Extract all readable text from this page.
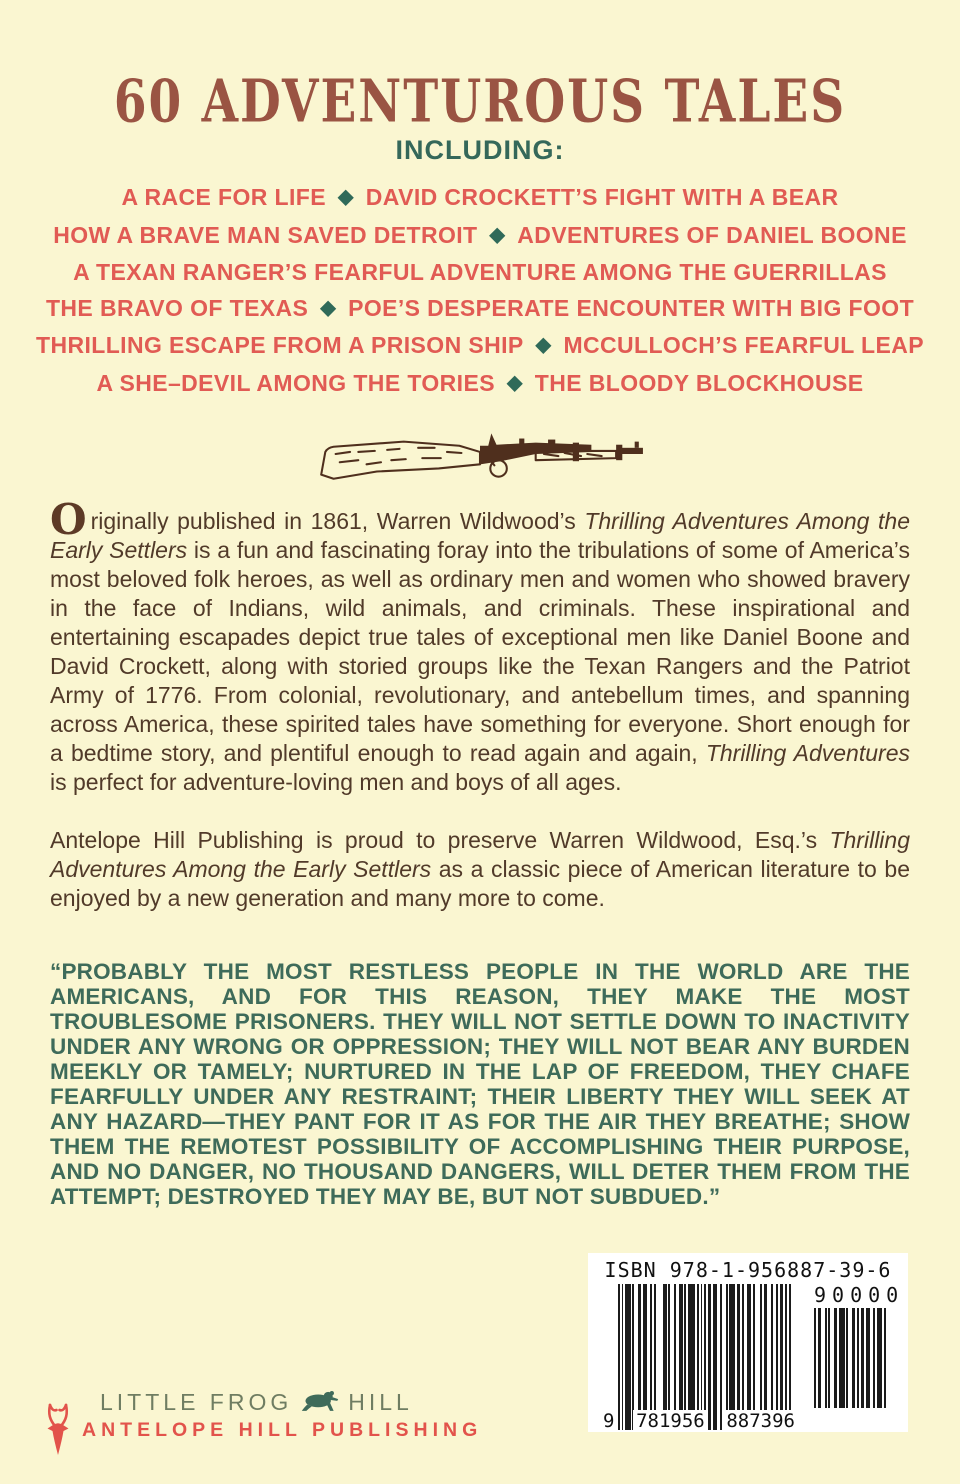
60 ADVENTUROUS TALES
INCLUDING:
A RACE FOR LIFE ◆ DAVID CROCKETT’S FIGHT WITH A BEAR
HOW A BRAVE MAN SAVED DETROIT ◆ ADVENTURES OF DANIEL BOONE
A TEXAN RANGER’S FEARFUL ADVENTURE AMONG THE GUERRILLAS
THE BRAVO OF TEXAS ◆ POE’S DESPERATE ENCOUNTER WITH BIG FOOT
THRILLING ESCAPE FROM A PRISON SHIP ◆ MCCULLOCH’S FEARFUL LEAP
A SHE–DEVIL AMONG THE TORIES ◆ THE BLOODY BLOCKHOUSE

Originally published in 1861, Warren Wildwood’s Thrilling Adventures Among the Early Settlers is a fun and fascinating foray into the tribulations of some of America’s most beloved folk heroes, as well as ordinary men and women who showed bravery in the face of Indians, wild animals, and criminals. These inspirational and entertaining escapades depict true tales of exceptional men like Daniel Boone and David Crockett, along with storied groups like the Texan Rangers and the Patriot Army of 1776. From colonial, revolutionary, and antebellum times, and spanning across America, these spirited tales have something for everyone. Short enough for a bedtime story, and plentiful enough to read again and again, Thrilling Adventures is perfect for adventure-loving men and boys of all ages.

Antelope Hill Publishing is proud to preserve Warren Wildwood, Esq.’s Thrilling Adventures Among the Early Settlers as a classic piece of American literature to be enjoyed by a new generation and many more to come.

“PROBABLY THE MOST RESTLESS PEOPLE IN THE WORLD ARE THE AMERICANS, AND FOR THIS REASON, THEY MAKE THE MOST TROUBLESOME PRISONERS. THEY WILL NOT SETTLE DOWN TO INACTIVITY UNDER ANY WRONG OR OPPRESSION; THEY WILL NOT BEAR ANY BURDEN MEEKLY OR TAMELY; NURTURED IN THE LAP OF FREEDOM, THEY CHAFE FEARFULLY UNDER ANY RESTRAINT; THEIR LIBERTY THEY WILL SEEK AT ANY HAZARD—THEY PANT FOR IT AS FOR THE AIR THEY BREATHE; SHOW THEM THE REMOTEST POSSIBILITY OF ACCOMPLISHING THEIR PURPOSE, AND NO DANGER, NO THOUSAND DANGERS, WILL DETER THEM FROM THE ATTEMPT; DESTROYED THEY MAY BE, BUT NOT SUBDUED.”

ISBN 978-1-956887-39-6
9 781956 887396
90000
LITTLE FROG HILL
ANTELOPE HILL PUBLISHING
